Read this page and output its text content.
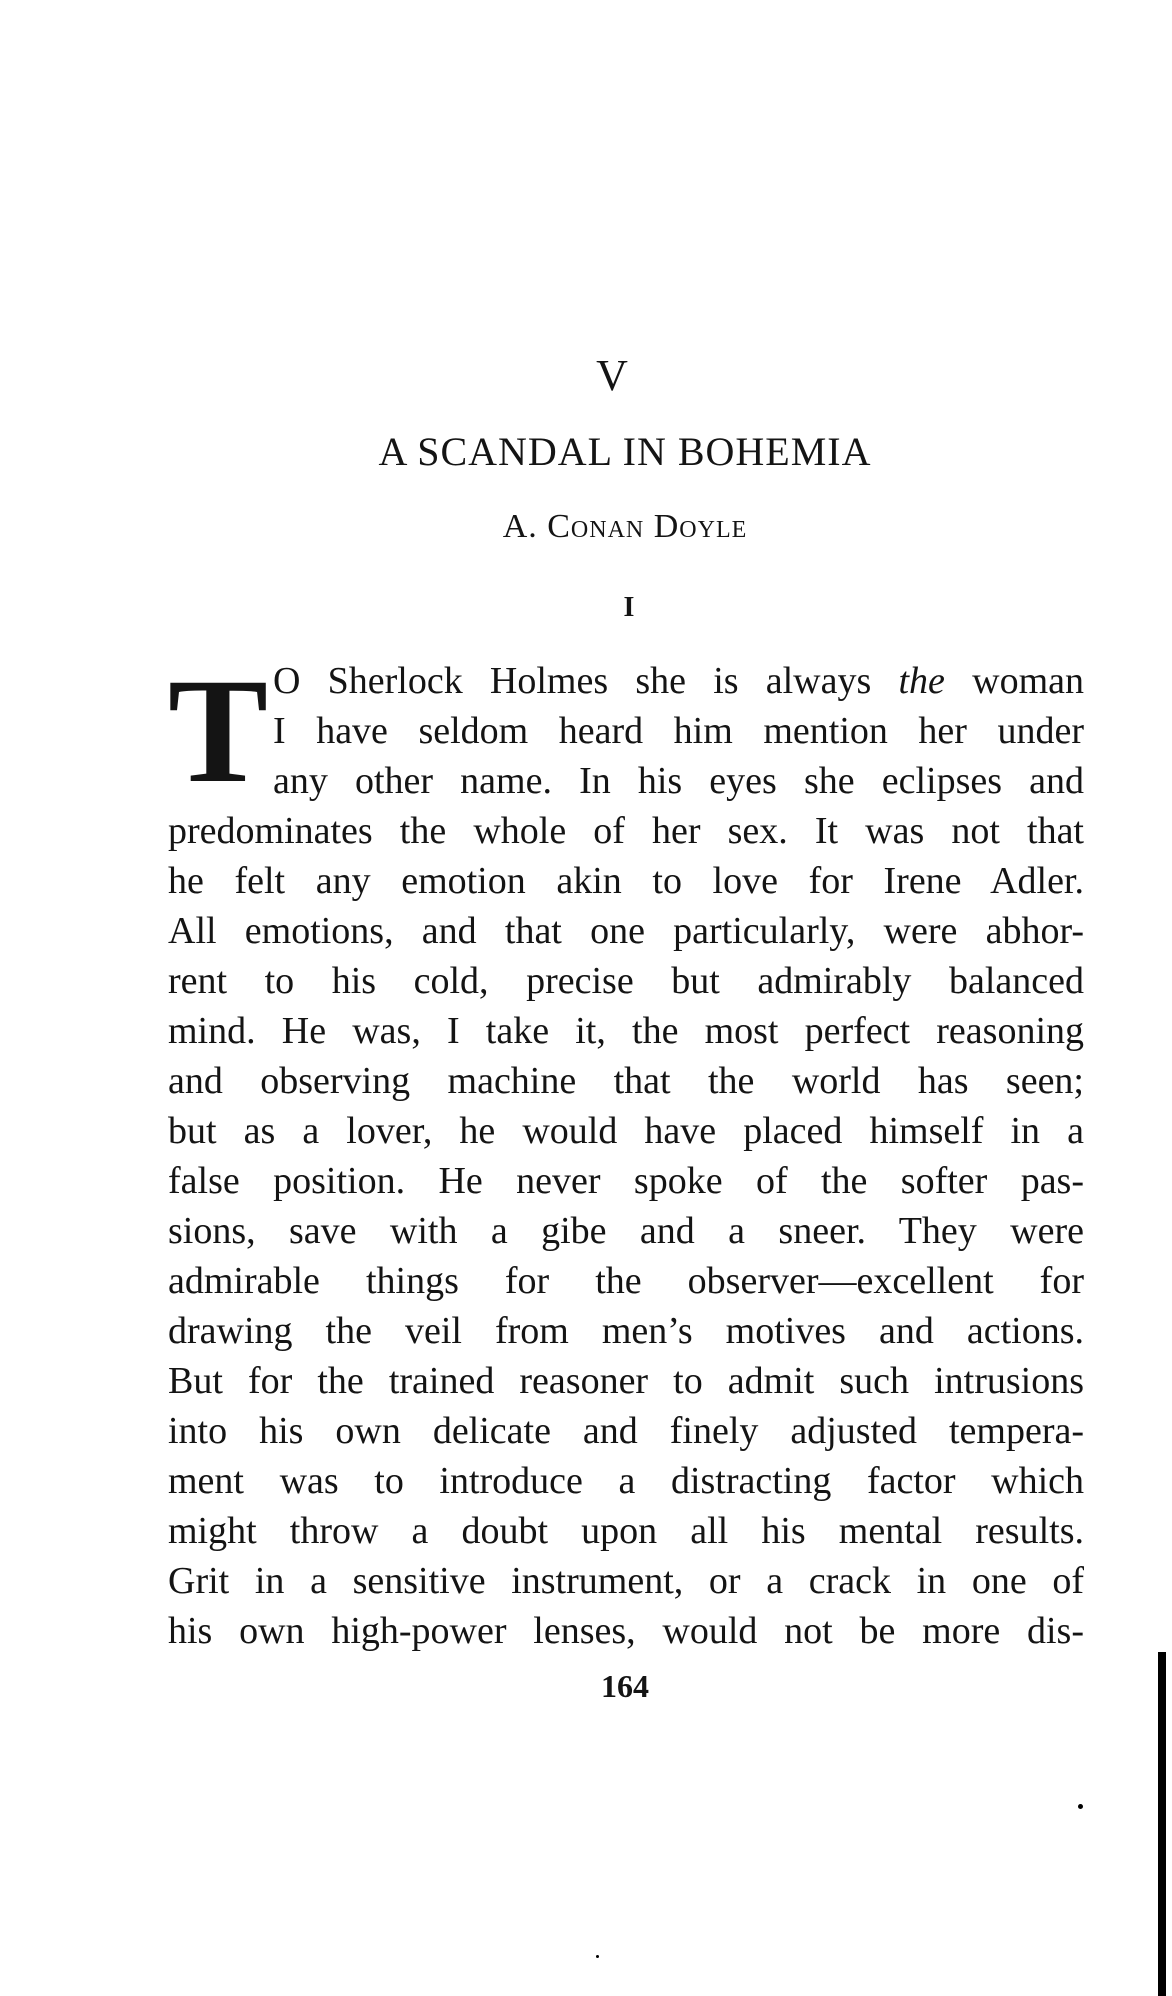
V
A SCANDAL IN BOHEMIA
A. Conan Doyle
I
T O Sherlock Holmes she is always the woman
I have seldom heard him mention her under
any other name. In his eyes she eclipses and
predominates the whole of her sex. It was not that
he felt any emotion akin to love for Irene Adler.
All emotions, and that one particularly, were abhor-
rent to his cold, precise but admirably balanced
mind. He was, I take it, the most perfect reasoning
and observing machine that the world has seen;
but as a lover, he would have placed himself in a
false position. He never spoke of the softer pas-
sions, save with a gibe and a sneer. They were
admirable things for the observer—excellent for
drawing the veil from men’s motives and actions.
But for the trained reasoner to admit such intrusions
into his own delicate and finely adjusted tempera-
ment was to introduce a distracting factor which
might throw a doubt upon all his mental results.
Grit in a sensitive instrument, or a crack in one of
his own high-power lenses, would not be more dis-
164
